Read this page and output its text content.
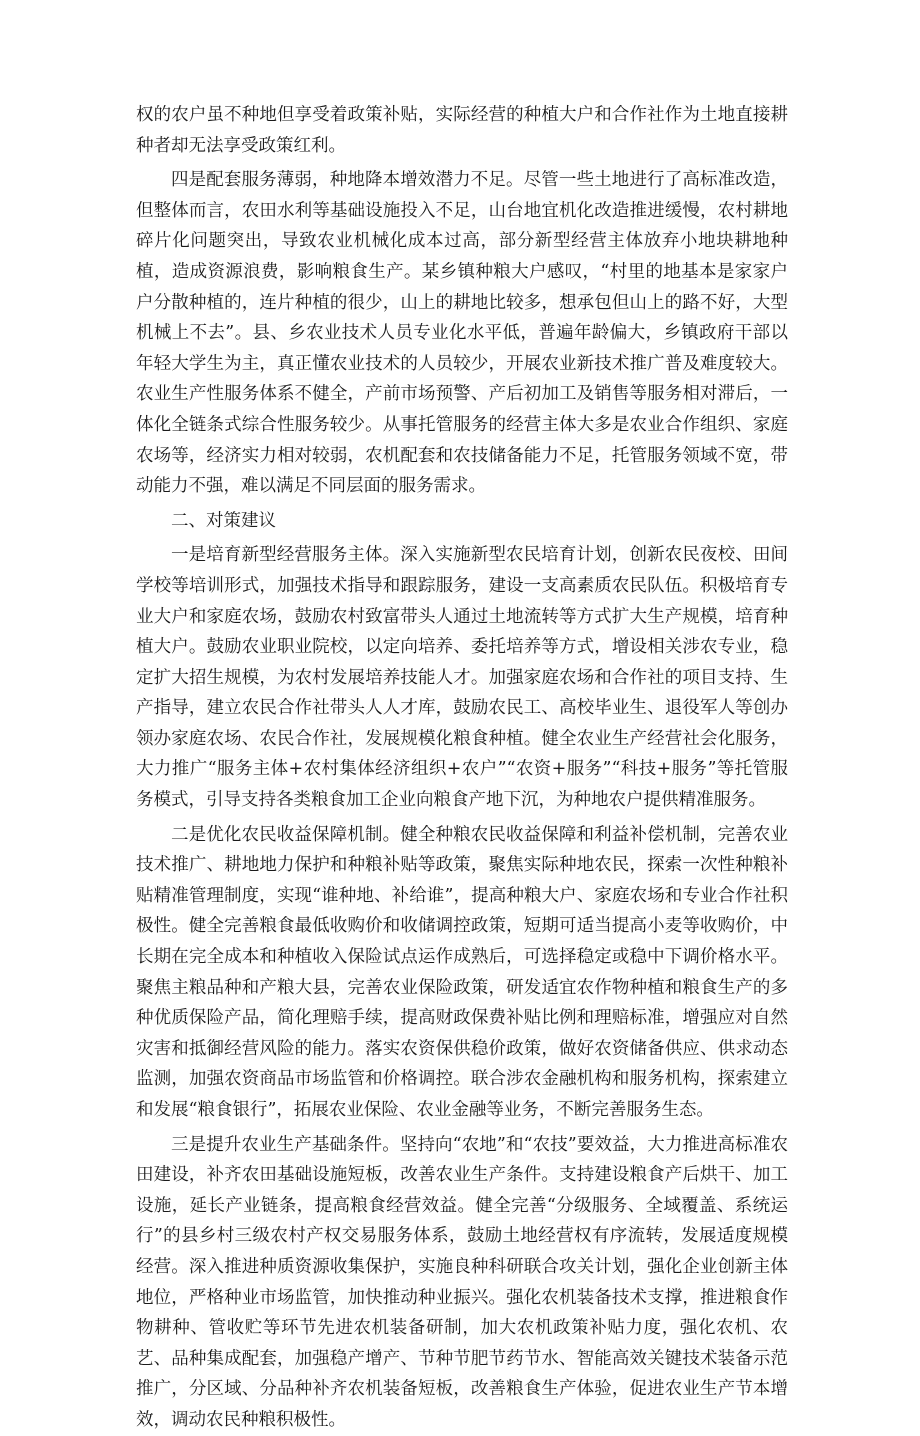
权的农户虽不种地但享受着政策补贴，实际经营的种植大户和合作社作为土地直接耕种者却无法享受政策红利。

四是配套服务薄弱，种地降本增效潜力不足。尽管一些土地进行了高标准改造，但整体而言，农田水利等基础设施投入不足，山台地宜机化改造推进缓慢，农村耕地碎片化问题突出，导致农业机械化成本过高，部分新型经营主体放弃小地块耕地种植，造成资源浪费，影响粮食生产。某乡镇种粮大户感叹，“村里的地基本是家家户户分散种植的，连片种植的很少，山上的耕地比较多，想承包但山上的路不好，大型机械上不去”。县、乡农业技术人员专业化水平低，普遍年龄偏大，乡镇政府干部以年轻大学生为主，真正懂农业技术的人员较少，开展农业新技术推广普及难度较大。农业生产性服务体系不健全，产前市场预警、产后初加工及销售等服务相对滞后，一体化全链条式综合性服务较少。从事托管服务的经营主体大多是农业合作组织、家庭农场等，经济实力相对较弱，农机配套和农技储备能力不足，托管服务领域不宽，带动能力不强，难以满足不同层面的服务需求。

二、对策建议

一是培育新型经营服务主体。深入实施新型农民培育计划，创新农民夜校、田间学校等培训形式，加强技术指导和跟踪服务，建设一支高素质农民队伍。积极培育专业大户和家庭农场，鼓励农村致富带头人通过土地流转等方式扩大生产规模，培育种植大户。鼓励农业职业院校，以定向培养、委托培养等方式，增设相关涉农专业，稳定扩大招生规模，为农村发展培养技能人才。加强家庭农场和合作社的项目支持、生产指导，建立农民合作社带头人人才库，鼓励农民工、高校毕业生、退役军人等创办领办家庭农场、农民合作社，发展规模化粮食种植。健全农业生产经营社会化服务，大力推广“服务主体+农村集体经济组织+农户”“农资+服务”“科技+服务”等托管服务模式，引导支持各类粮食加工企业向粮食产地下沉，为种地农户提供精准服务。

二是优化农民收益保障机制。健全种粮农民收益保障和利益补偿机制，完善农业技术推广、耕地地力保护和种粮补贴等政策，聚焦实际种地农民，探索一次性种粮补贴精准管理制度，实现“谁种地、补给谁”，提高种粮大户、家庭农场和专业合作社积极性。健全完善粮食最低收购价和收储调控政策，短期可适当提高小麦等收购价，中长期在完全成本和种植收入保险试点运作成熟后，可选择稳定或稳中下调价格水平。聚焦主粮品种和产粮大县，完善农业保险政策，研发适宜农作物种植和粮食生产的多种优质保险产品，简化理赔手续，提高财政保费补贴比例和理赔标准，增强应对自然灾害和抵御经营风险的能力。落实农资保供稳价政策，做好农资储备供应、供求动态监测，加强农资商品市场监管和价格调控。联合涉农金融机构和服务机构，探索建立和发展“粮食银行”，拓展农业保险、农业金融等业务，不断完善服务生态。

三是提升农业生产基础条件。坚持向“农地”和“农技”要效益，大力推进高标准农田建设，补齐农田基础设施短板，改善农业生产条件。支持建设粮食产后烘干、加工设施，延长产业链条，提高粮食经营效益。健全完善“分级服务、全域覆盖、系统运行”的县乡村三级农村产权交易服务体系，鼓励土地经营权有序流转，发展适度规模经营。深入推进种质资源收集保护，实施良种科研联合攻关计划，强化企业创新主体地位，严格种业市场监管，加快推动种业振兴。强化农机装备技术支撑，推进粮食作物耕种、管收贮等环节先进农机装备研制，加大农机政策补贴力度，强化农机、农艺、品种集成配套，加强稳产增产、节种节肥节药节水、智能高效关键技术装备示范推广，分区域、分品种补齐农机装备短板，改善粮食生产体验，促进农业生产节本增效，调动农民种粮积极性。
